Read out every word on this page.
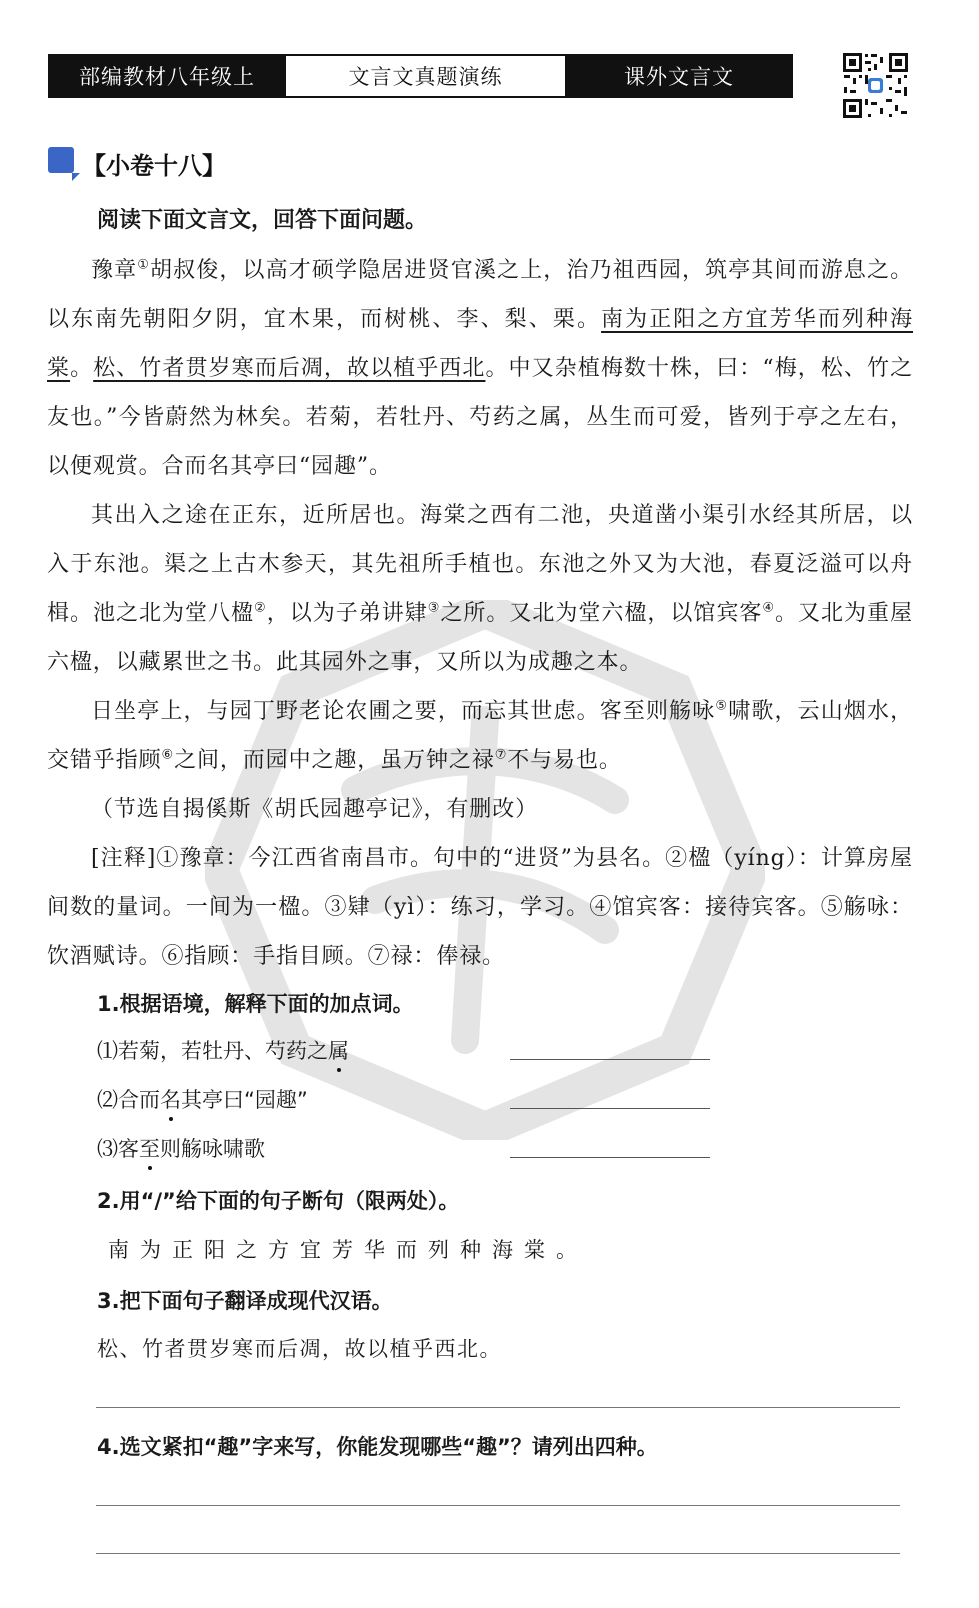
部编教材八年级上	文言文真题演练	课外文言文
【小卷十八】
阅读下面文言文，回答下面问题。

豫章①胡叔俊，以高才硕学隐居进贤官溪之上，治乃祖西园，筑亭其间而游息之。以东南先朝阳夕阴，宜木果，而树桃、李、梨、栗。南为正阳之方宜芳华而列种海棠。松、竹者贯岁寒而后凋，故以植乎西北。中又杂植梅数十株，曰：“梅，松、竹之友也。”今皆蔚然为林矣。若菊，若牡丹、芍药之属，丛生而可爱，皆列于亭之左右，以便观赏。合而名其亭曰“园趣”。

其出入之途在正东，近所居也。海棠之西有二池，央道凿小渠引水经其所居，以入于东池。渠之上古木参天，其先祖所手植也。东池之外又为大池，春夏泛溢可以舟楫。池之北为堂八楹②，以为子弟讲肄③之所。又北为堂六楹，以馆宾客④。又北为重屋六楹，以藏累世之书。此其园外之事，又所以为成趣之本。

日坐亭上，与园丁野老论农圃之要，而忘其世虑。客至则觞咏⑤啸歌，云山烟水，交错乎指顾⑥之间，而园中之趣，虽万钟之禄⑦不与易也。

（节选自揭傒斯《胡氏园趣亭记》，有删改）

[注释]①豫章：今江西省南昌市。句中的“进贤”为县名。②楹（yíng）：计算房屋间数的量词。一间为一楹。③肄（yì）：练习，学习。④馆宾客：接待宾客。⑤觞咏：饮酒赋诗。⑥指顾：手指目顾。⑦禄：俸禄。

1.根据语境，解释下面的加点词。
⑴若菊，若牡丹、芍药之属
⑵合而名其亭曰“园趣”
⑶客至则觞咏啸歌
2.用“/”给下面的句子断句（限两处）。
南为正阳之方宜芳华而列种海棠。
3.把下面句子翻译成现代汉语。
松、竹者贯岁寒而后凋，故以植乎西北。
4.选文紧扣“趣”字来写，你能发现哪些“趣”？请列出四种。
